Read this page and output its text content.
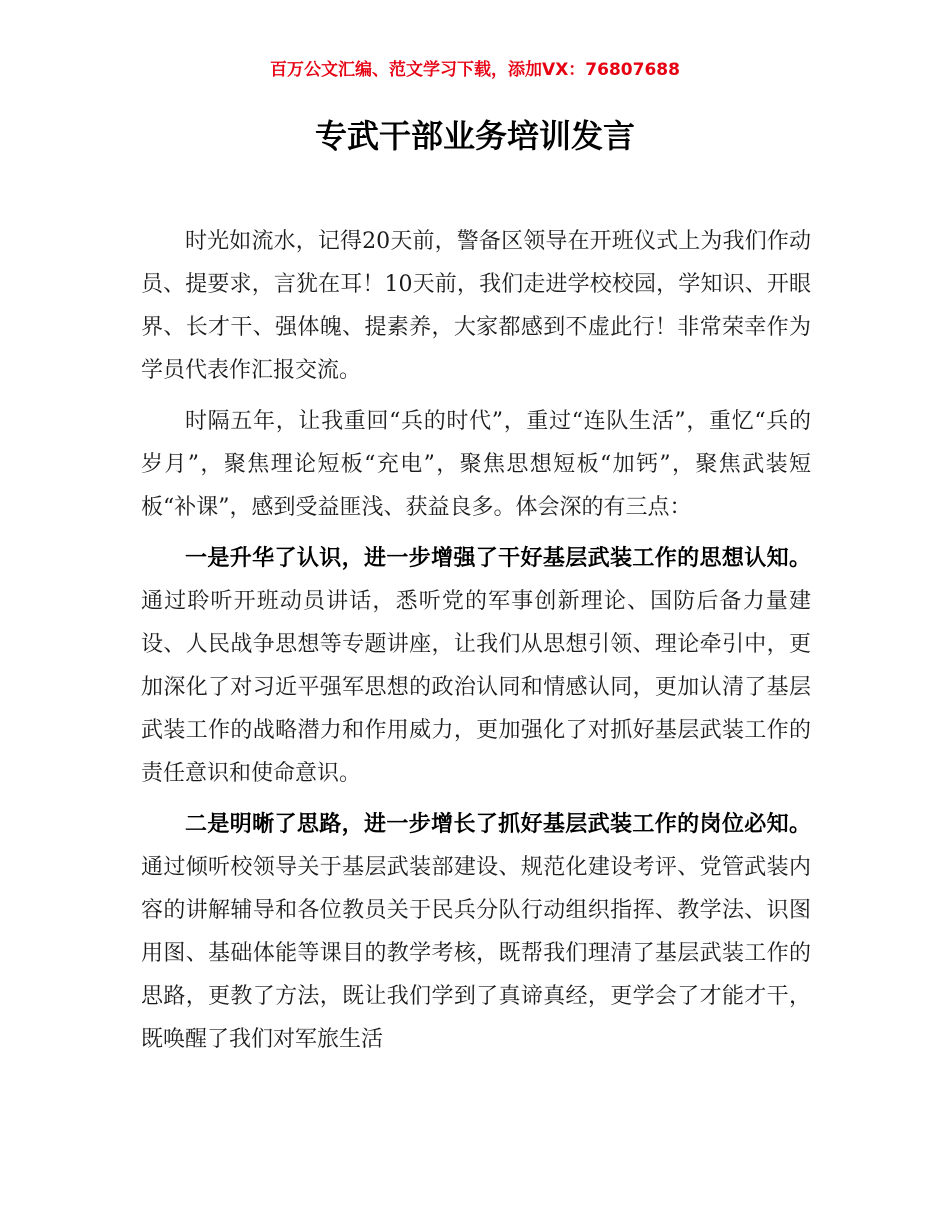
百万公文汇编、范文学习下载，添加VX：76807688
专武干部业务培训发言

时光如流水，记得20天前，警备区领导在开班仪式上为我们作动员、提要求，言犹在耳！10天前，我们走进学校校园，学知识、开眼界、长才干、强体魄、提素养，大家都感到不虚此行！非常荣幸作为学员代表作汇报交流。

时隔五年，让我重回“兵的时代”，重过“连队生活”，重忆“兵的岁月”，聚焦理论短板“充电”，聚焦思想短板“加钙”，聚焦武装短板“补课”，感到受益匪浅、获益良多。体会深的有三点：

一是升华了认识，进一步增强了干好基层武装工作的思想认知。通过聆听开班动员讲话，悉听党的军事创新理论、国防后备力量建设、人民战争思想等专题讲座，让我们从思想引领、理论牵引中，更加深化了对习近平强军思想的政治认同和情感认同，更加认清了基层武装工作的战略潜力和作用威力，更加强化了对抓好基层武装工作的责任意识和使命意识。

二是明晰了思路，进一步增长了抓好基层武装工作的岗位必知。通过倾听校领导关于基层武装部建设、规范化建设考评、党管武装内容的讲解辅导和各位教员关于民兵分队行动组织指挥、教学法、识图用图、基础体能等课目的教学考核，既帮我们理清了基层武装工作的思路，更教了方法，既让我们学到了真谛真经，更学会了才能才干，既唤醒了我们对军旅生活
